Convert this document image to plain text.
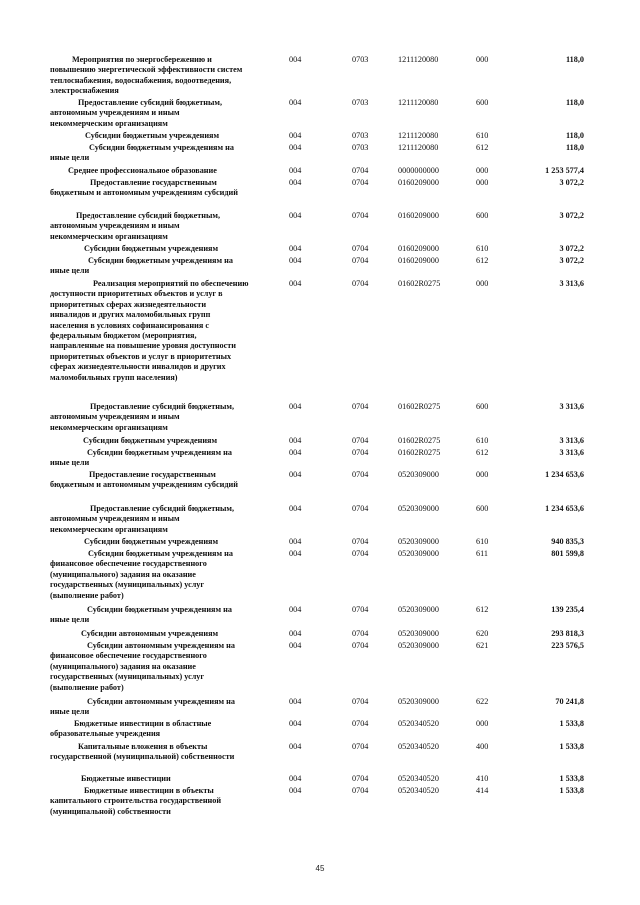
Мероприятия по энергосбережению и
повышению энергетической эффективности систем
теплоснабжения, водоснабжения, водоотведения,
электроснабжения
004	0703	1211120080	000	118,0
Предоставление субсидий бюджетным,
автономным учреждениям и иным
некоммерческим организациям
004	0703	1211120080	600	118,0
Субсидии бюджетным учреждениям	004	0703	1211120080	610	118,0
Субсидии бюджетным учреждениям на
иные цели
004	0703	1211120080	612	118,0
Среднее профессиональное образование	004	0704	0000000000	000	1 253 577,4
Предоставление государственным
бюджетным и автономным учреждениям субсидий
004	0704	0160209000	000	3 072,2
Предоставление субсидий бюджетным,
автономным учреждениям и иным
некоммерческим организациям
004	0704	0160209000	600	3 072,2
Субсидии бюджетным учреждениям	004	0704	0160209000	610	3 072,2
Субсидии бюджетным учреждениям на
иные цели
004	0704	0160209000	612	3 072,2
Реализация мероприятий по обеспечению
доступности приоритетных объектов и услуг в
приоритетных сферах жизнедеятельности
инвалидов и других маломобильных групп
населения в условиях софинансирования с
федеральным бюджетом (мероприятия,
направленные на повышение уровня доступности
приоритетных объектов и услуг в приоритетных
сферах жизнедеятельности инвалидов и других
маломобильных групп населения)
004	0704	01602R0275	000	3 313,6
Предоставление субсидий бюджетным,
автономным учреждениям и иным
некоммерческим организациям
004	0704	01602R0275	600	3 313,6
Субсидии бюджетным учреждениям	004	0704	01602R0275	610	3 313,6
Субсидии бюджетным учреждениям на
иные цели
004	0704	01602R0275	612	3 313,6
Предоставление государственным
бюджетным и автономным учреждениям субсидий
004	0704	0520309000	000	1 234 653,6
Предоставление субсидий бюджетным,
автономным учреждениям и иным
некоммерческим организациям
004	0704	0520309000	600	1 234 653,6
Субсидии бюджетным учреждениям	004	0704	0520309000	610	940 835,3
Субсидии бюджетным учреждениям на
финансовое обеспечение государственного
(муниципального) задания на оказание
государственных (муниципальных) услуг
(выполнение работ)
004	0704	0520309000	611	801 599,8
Субсидии бюджетным учреждениям на
иные цели
004	0704	0520309000	612	139 235,4
Субсидии автономным учреждениям	004	0704	0520309000	620	293 818,3
Субсидии автономным учреждениям на
финансовое обеспечение государственного
(муниципального) задания на оказание
государственных (муниципальных) услуг
(выполнение работ)
004	0704	0520309000	621	223 576,5
Субсидии автономным учреждениям на
иные цели
004	0704	0520309000	622	70 241,8
Бюджетные инвестиции в областные
образовательные учреждения
004	0704	0520340520	000	1 533,8
Капитальные вложения в объекты
государственной (муниципальной) собственности
004	0704	0520340520	400	1 533,8
Бюджетные инвестиции	004	0704	0520340520	410	1 533,8
Бюджетные инвестиции в объекты
капитального строительства государственной
(муниципальной) собственности
004	0704	0520340520	414	1 533,8
45
